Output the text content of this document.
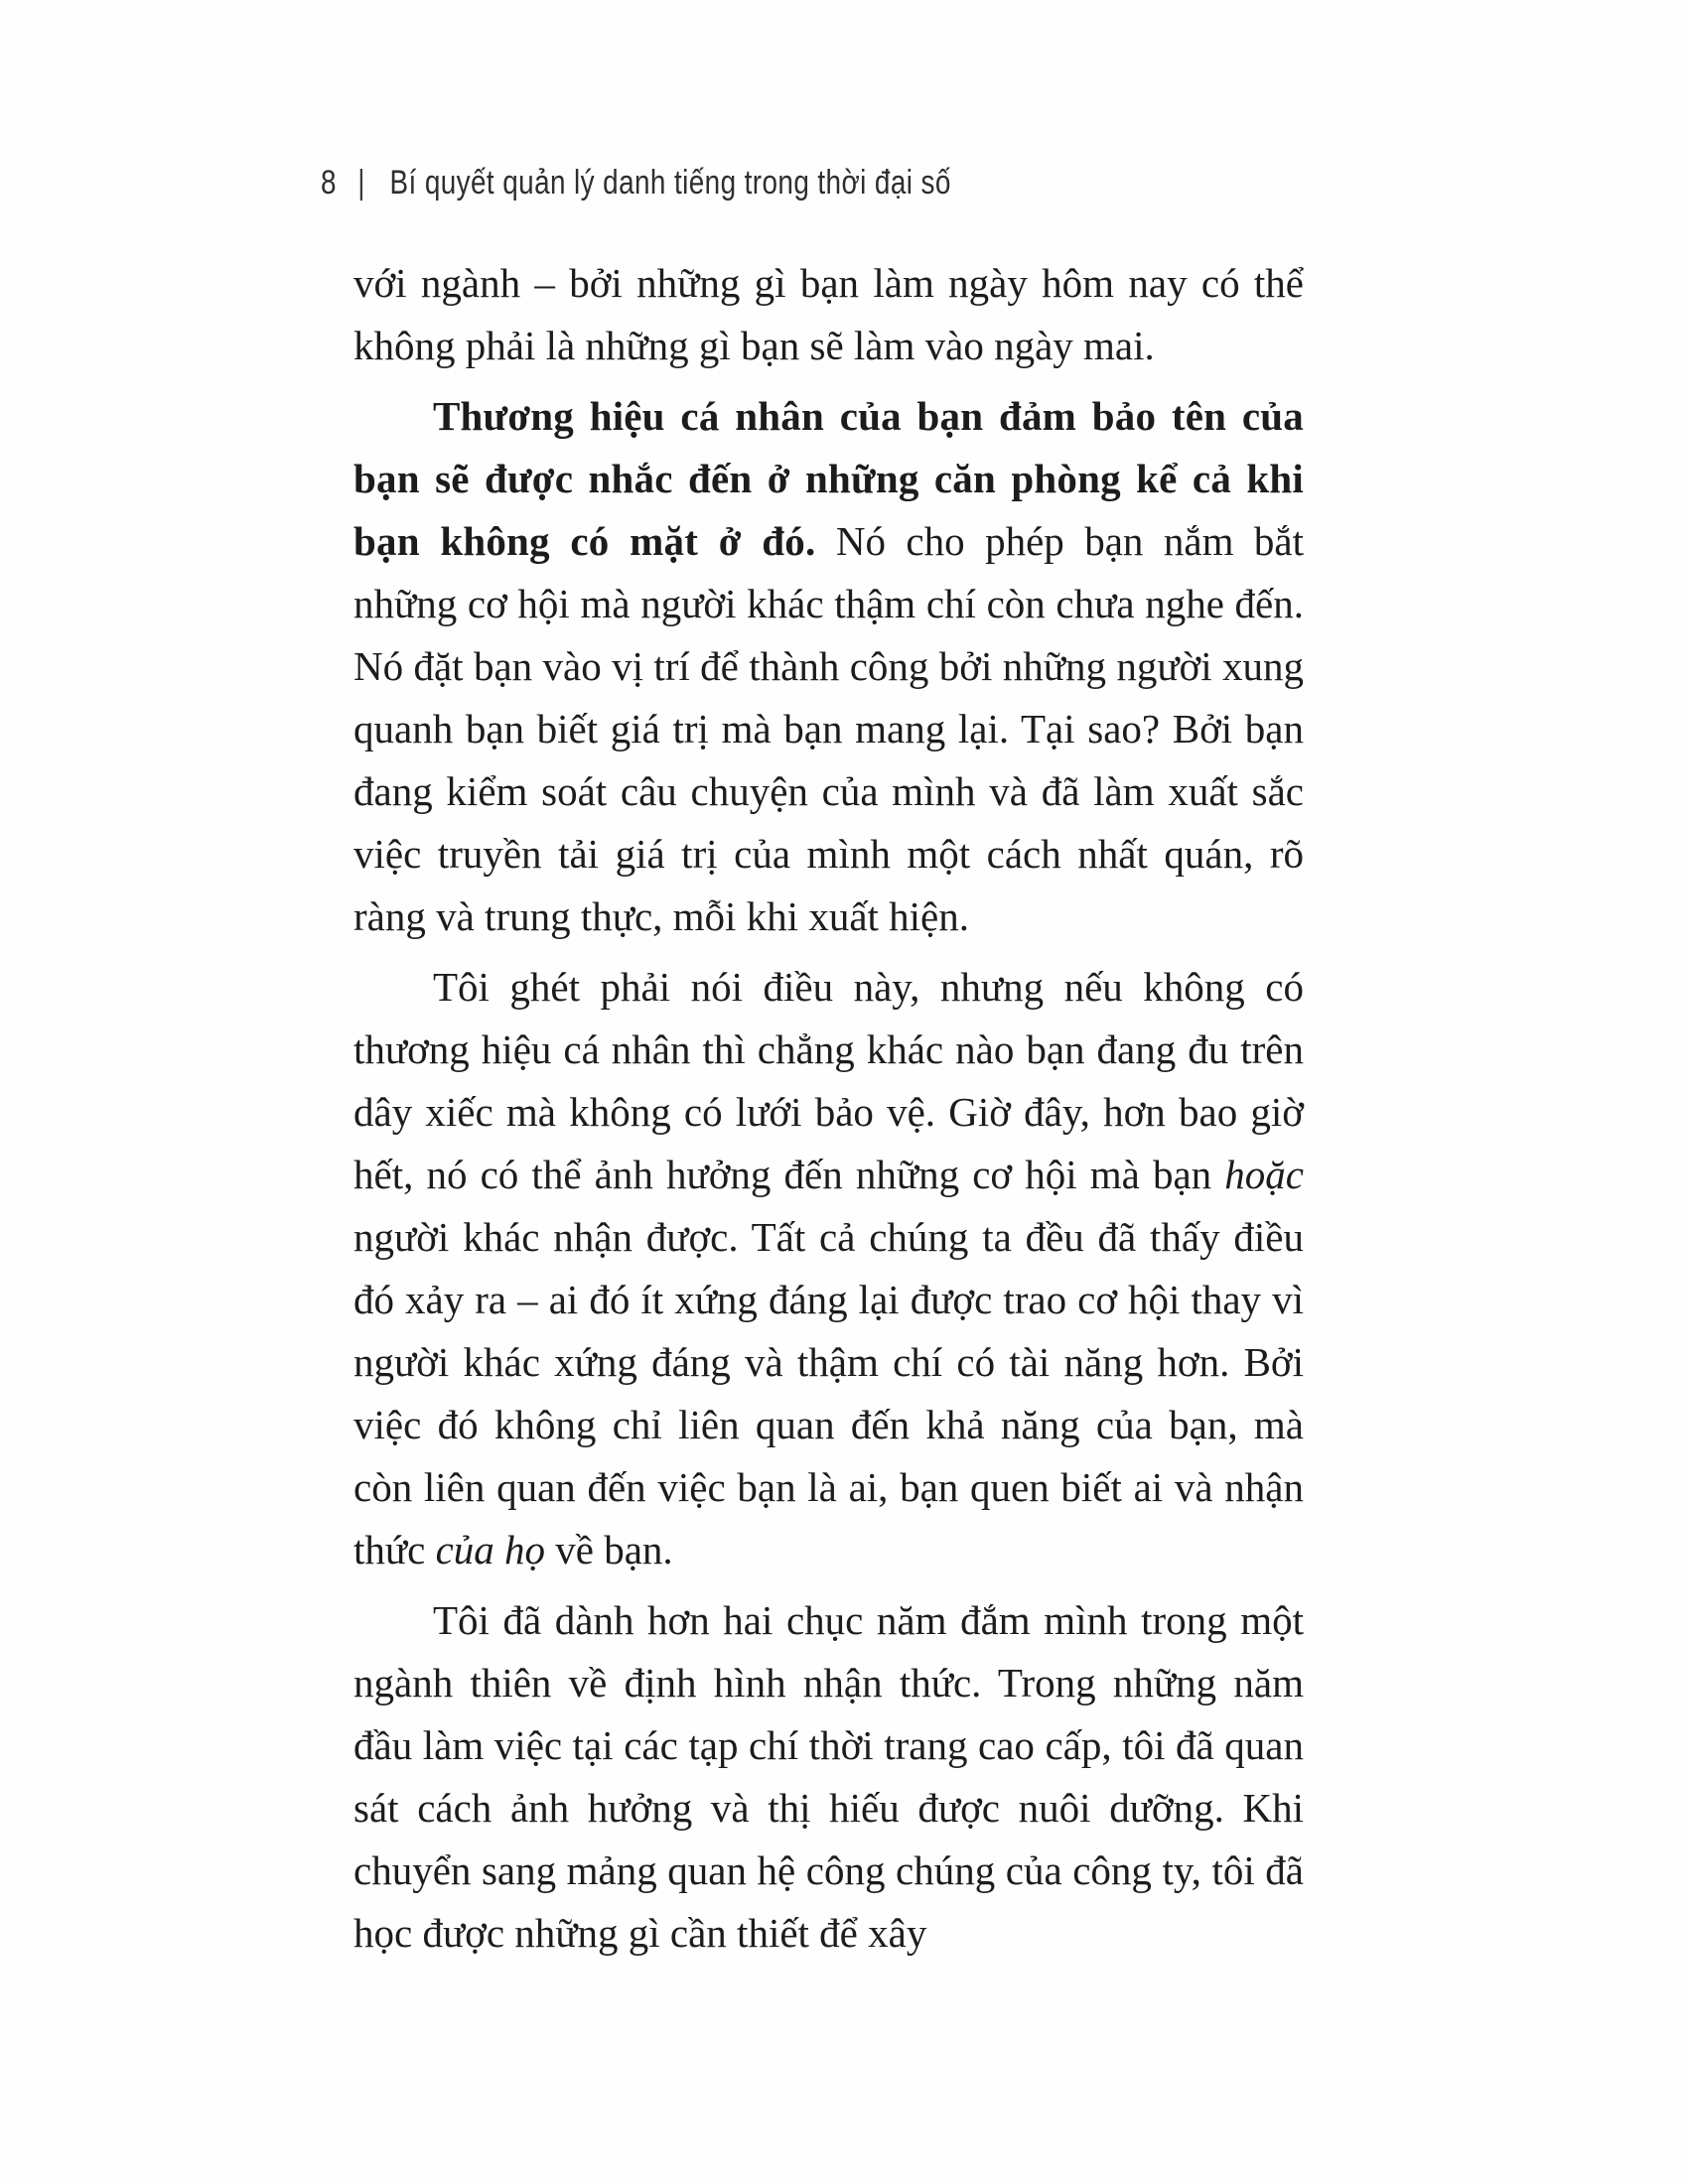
8 | Bí quyết quản lý danh tiếng trong thời đại số

với ngành – bởi những gì bạn làm ngày hôm nay có thể không phải là những gì bạn sẽ làm vào ngày mai.

Thương hiệu cá nhân của bạn đảm bảo tên của bạn sẽ được nhắc đến ở những căn phòng kể cả khi bạn không có mặt ở đó. Nó cho phép bạn nắm bắt những cơ hội mà người khác thậm chí còn chưa nghe đến. Nó đặt bạn vào vị trí để thành công bởi những người xung quanh bạn biết giá trị mà bạn mang lại. Tại sao? Bởi bạn đang kiểm soát câu chuyện của mình và đã làm xuất sắc việc truyền tải giá trị của mình một cách nhất quán, rõ ràng và trung thực, mỗi khi xuất hiện.

Tôi ghét phải nói điều này, nhưng nếu không có thương hiệu cá nhân thì chẳng khác nào bạn đang đu trên dây xiếc mà không có lưới bảo vệ. Giờ đây, hơn bao giờ hết, nó có thể ảnh hưởng đến những cơ hội mà bạn hoặc người khác nhận được. Tất cả chúng ta đều đã thấy điều đó xảy ra – ai đó ít xứng đáng lại được trao cơ hội thay vì người khác xứng đáng và thậm chí có tài năng hơn. Bởi việc đó không chỉ liên quan đến khả năng của bạn, mà còn liên quan đến việc bạn là ai, bạn quen biết ai và nhận thức của họ về bạn.

Tôi đã dành hơn hai chục năm đắm mình trong một ngành thiên về định hình nhận thức. Trong những năm đầu làm việc tại các tạp chí thời trang cao cấp, tôi đã quan sát cách ảnh hưởng và thị hiếu được nuôi dưỡng. Khi chuyển sang mảng quan hệ công chúng của công ty, tôi đã học được những gì cần thiết để xây
